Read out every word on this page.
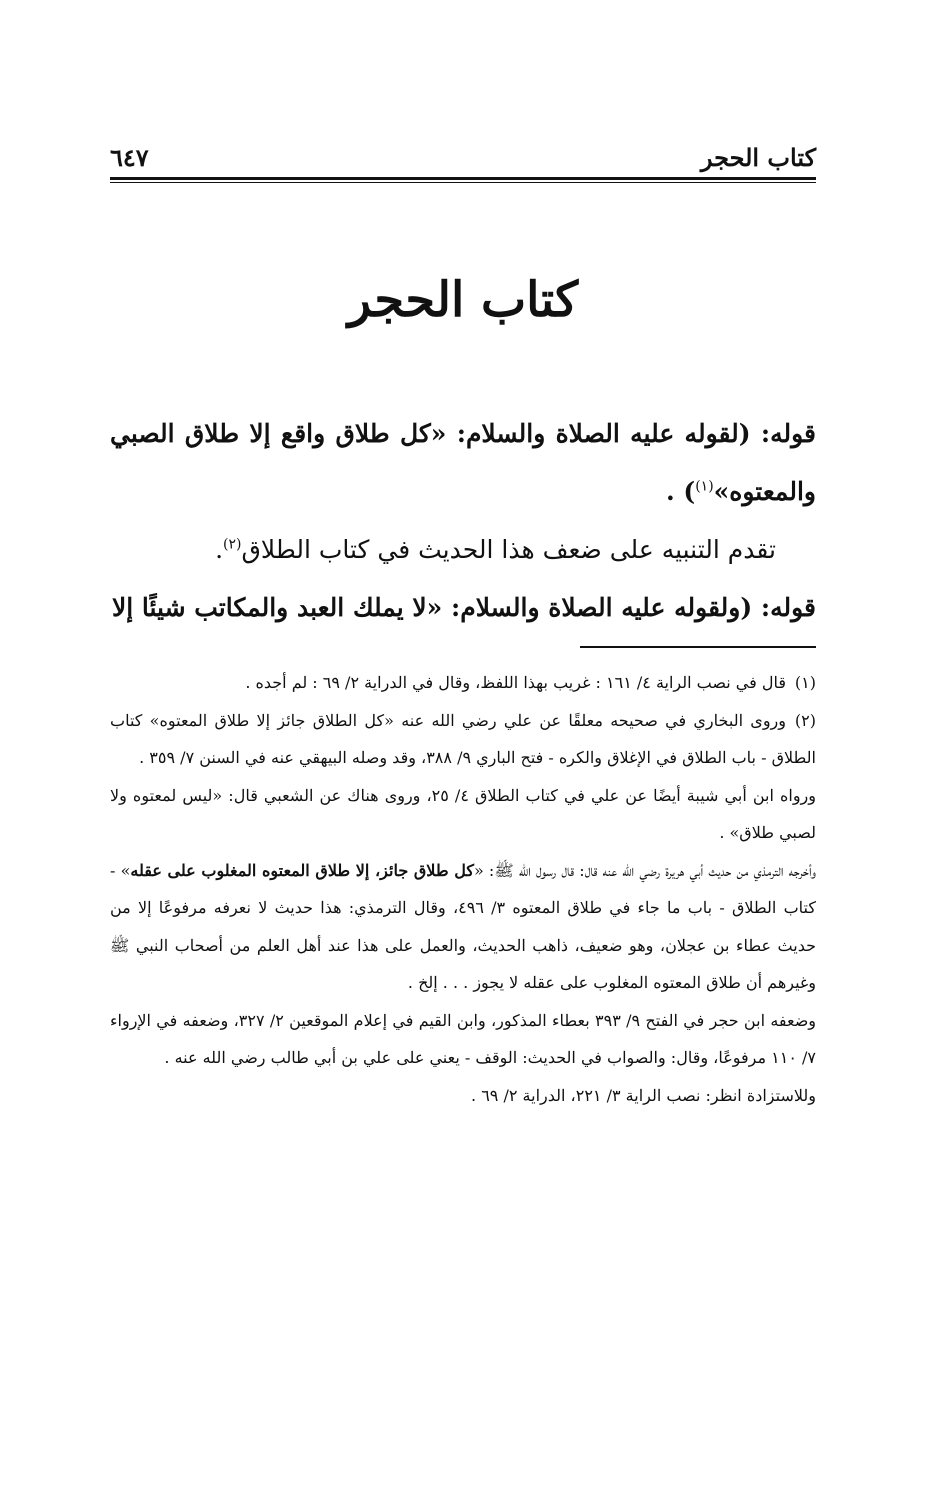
كتاب الحجر
٦٤٧
كتاب الحجر

قوله: (لقوله عليه الصلاة والسلام: «كل طلاق واقع إلا طلاق الصبي والمعتوه»$^{(١)}$) .

تقدم التنبيه على ضعف هذا الحديث في كتاب الطلاق$^{(٢)}$.

قوله: (ولقوله عليه الصلاة والسلام: «لا يملك العبد والمكاتب شيئًا إلا

(١)قال في نصب الراية ٤/ ١٦١ : غريب بهذا اللفظ، وقال في الدراية ٢/ ٦٩ : لم أجده .

(٢)وروى البخاري في صحيحه معلقًا عن علي رضي الله عنه «كل الطلاق جائز إلا طلاق المعتوه» كتاب الطلاق - باب الطلاق في الإغلاق والكره - فتح الباري ٩/ ٣٨٨، وقد وصله البيهقي عنه في السنن ٧/ ٣٥٩ .

ورواه ابن أبي شيبة أيضًا عن علي في كتاب الطلاق ٤/ ٢٥، وروى هناك عن الشعبي قال: «ليس لمعتوه ولا لصبي طلاق» .

وأخرجه الترمذي من حديث أبي هريرة رضي الله عنه قال: قال رسول الله ﷺ: «كل طلاق جائز، إلا طلاق المعتوه المغلوب على عقله» - كتاب الطلاق - باب ما جاء في طلاق المعتوه ٣/ ٤٩٦، وقال الترمذي: هذا حديث لا نعرفه مرفوعًا إلا من حديث عطاء بن عجلان، وهو ضعيف، ذاهب الحديث، والعمل على هذا عند أهل العلم من أصحاب النبي ﷺ وغيرهم أن طلاق المعتوه المغلوب على عقله لا يجوز . . . إلخ .

وضعفه ابن حجر في الفتح ٩/ ٣٩٣ بعطاء المذكور، وابن القيم في إعلام الموقعين ٢/ ٣٢٧، وضعفه في الإرواء ٧/ ١١٠ مرفوعًا، وقال: والصواب في الحديث: الوقف - يعني على علي بن أبي طالب رضي الله عنه .

وللاستزادة انظر: نصب الراية ٣/ ٢٢١، الدراية ٢/ ٦٩ .
